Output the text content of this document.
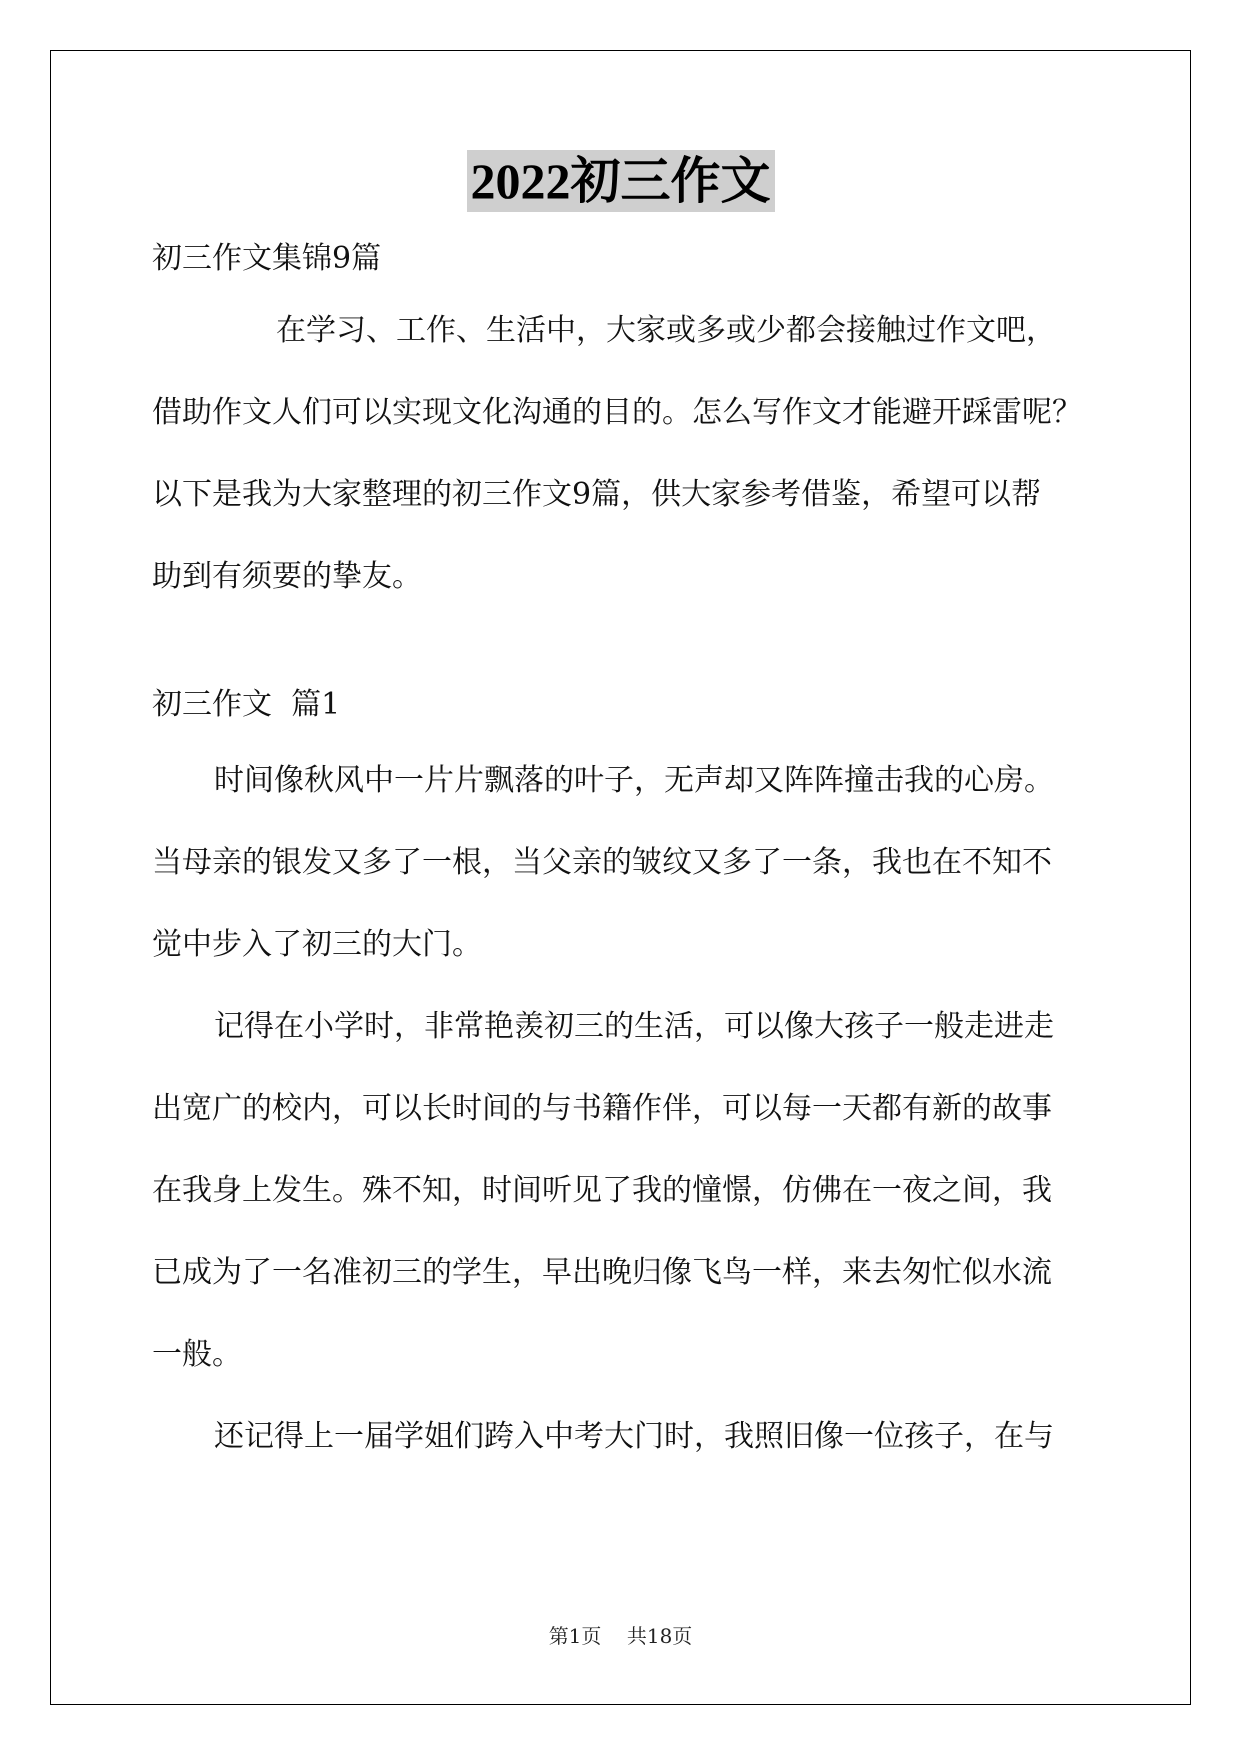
2022初三作文
初三作文集锦9篇
在学习、工作、生活中，大家或多或少都会接触过作文吧，
借助作文人们可以实现文化沟通的目的。怎么写作文才能避开踩雷呢？
以下是我为大家整理的初三作文9篇，供大家参考借鉴，希望可以帮
助到有须要的挚友。
初三作文  篇1
时间像秋风中一片片飘落的叶子，无声却又阵阵撞击我的心房。
当母亲的银发又多了一根，当父亲的皱纹又多了一条，我也在不知不
觉中步入了初三的大门。
记得在小学时，非常艳羡初三的生活，可以像大孩子一般走进走
出宽广的校内，可以长时间的与书籍作伴，可以每一天都有新的故事
在我身上发生。殊不知，时间听见了我的憧憬，仿佛在一夜之间，我
已成为了一名准初三的学生，早出晚归像飞鸟一样，来去匆忙似水流
一般。
还记得上一届学姐们跨入中考大门时，我照旧像一位孩子，在与
第1页    共18页
